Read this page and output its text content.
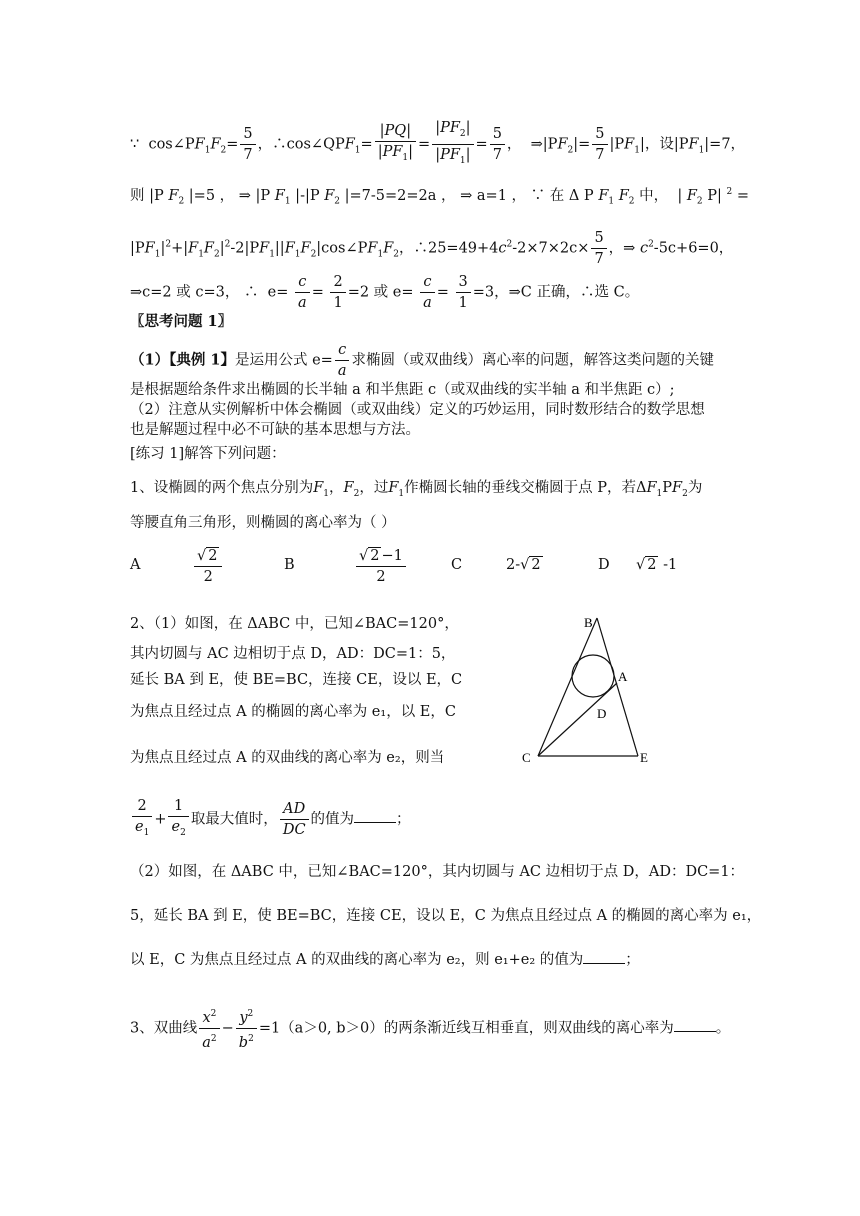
∵  $\cos\angle PF_1F_2= \frac{5}{7}$ ，$\therefore\cos\angle QPF_1= \frac{|PQ|}{|PF_1|} = \frac{|PF_2|}{|PF_1|} = \frac{5}{7}$ ，  $\Rightarrow|PF_2|= \frac{5}{7} |PF_1|$，设$|PF_1|=7$，
则 |P $F_2$ |=5 ， ⇒ |P $F_1$ |-|P $F_2$ |=7-5=2=2a ， ⇒ a=1 ， ∵ 在 Δ P $F_1$ $F_2$ 中，  | $F_2$ P| $^2$ =
$|PF_1|^2+|F_1F_2|^2-2|PF_1||F_1F_2|\cos\angle PF_1F_2$，$\therefore 25=49+4c^2-2\times 7\times 2c\times \frac{5}{7}$ ，⇒ $c^2-5c+6=0$，
⇒c=2 或 c=3， ∴  $e= \frac{c}{a} = \frac{2}{1} =2$ 或 $e= \frac{c}{a} = \frac{3}{1} =3$，⇒C 正确，∴选 C。
〖思考问题 1〗
（1）【典例 1】是运用公式 $e= \frac{c}{a}$ 求椭圆（或双曲线）离心率的问题，解答这类问题的关键
是根据题给条件求出椭圆的长半轴 a 和半焦距 c（或双曲线的实半轴 a 和半焦距 c）;
（2）注意从实例解析中体会椭圆（或双曲线）定义的巧妙运用，同时数形结合的数学思想
也是解题过程中必不可缺的基本思想与方法。
[练习 1]解答下列问题：
1、设椭圆的两个焦点分别为$F_1$，$F_2$，过$F_1$作椭圆长轴的垂线交椭圆于点 P，若$\Delta F_1PF_2$为
等腰直角三角形，则椭圆的离心率为（ ）
A	$\frac{√ 2}{2}$	B	$\frac{√ 2 -1}{2}$	C	2-√ 2	D √ 2 -1
2、（1）如图，在 ΔABC 中，已知∠BAC=120°，
其内切圆与 AC 边相切于点 D，AD：DC=1：5，
延长 BA 到 E，使 BE=BC，连接 CE，设以 E，C
为焦点且经过点 A 的椭圆的离心率为 e₁，以 E，C
为焦点且经过点 A 的双曲线的离心率为 e₂，则当
$\frac{2}{e_1} + \frac{1}{e_2}$ 取最大值时， $\frac{AD}{DC}$ 的值为	；
B
A
D
C	E
（2）如图，在 ΔABC 中，已知∠BAC=120°，其内切圆与 AC 边相切于点 D，AD：DC=1：
5，延长 BA 到 E，使 BE=BC，连接 CE，设以 E，C 为焦点且经过点 A 的椭圆的离心率为 e₁，
以 E，C 为焦点且经过点 A 的双曲线的离心率为 e₂，则 e₁+e₂ 的值为	；
3、双曲线 $\frac{x^2}{a^2} - \frac{y^2}{b^2} =1(a>0$, b＞0）的两条渐近线互相垂直，则双曲线的离心率为	。
